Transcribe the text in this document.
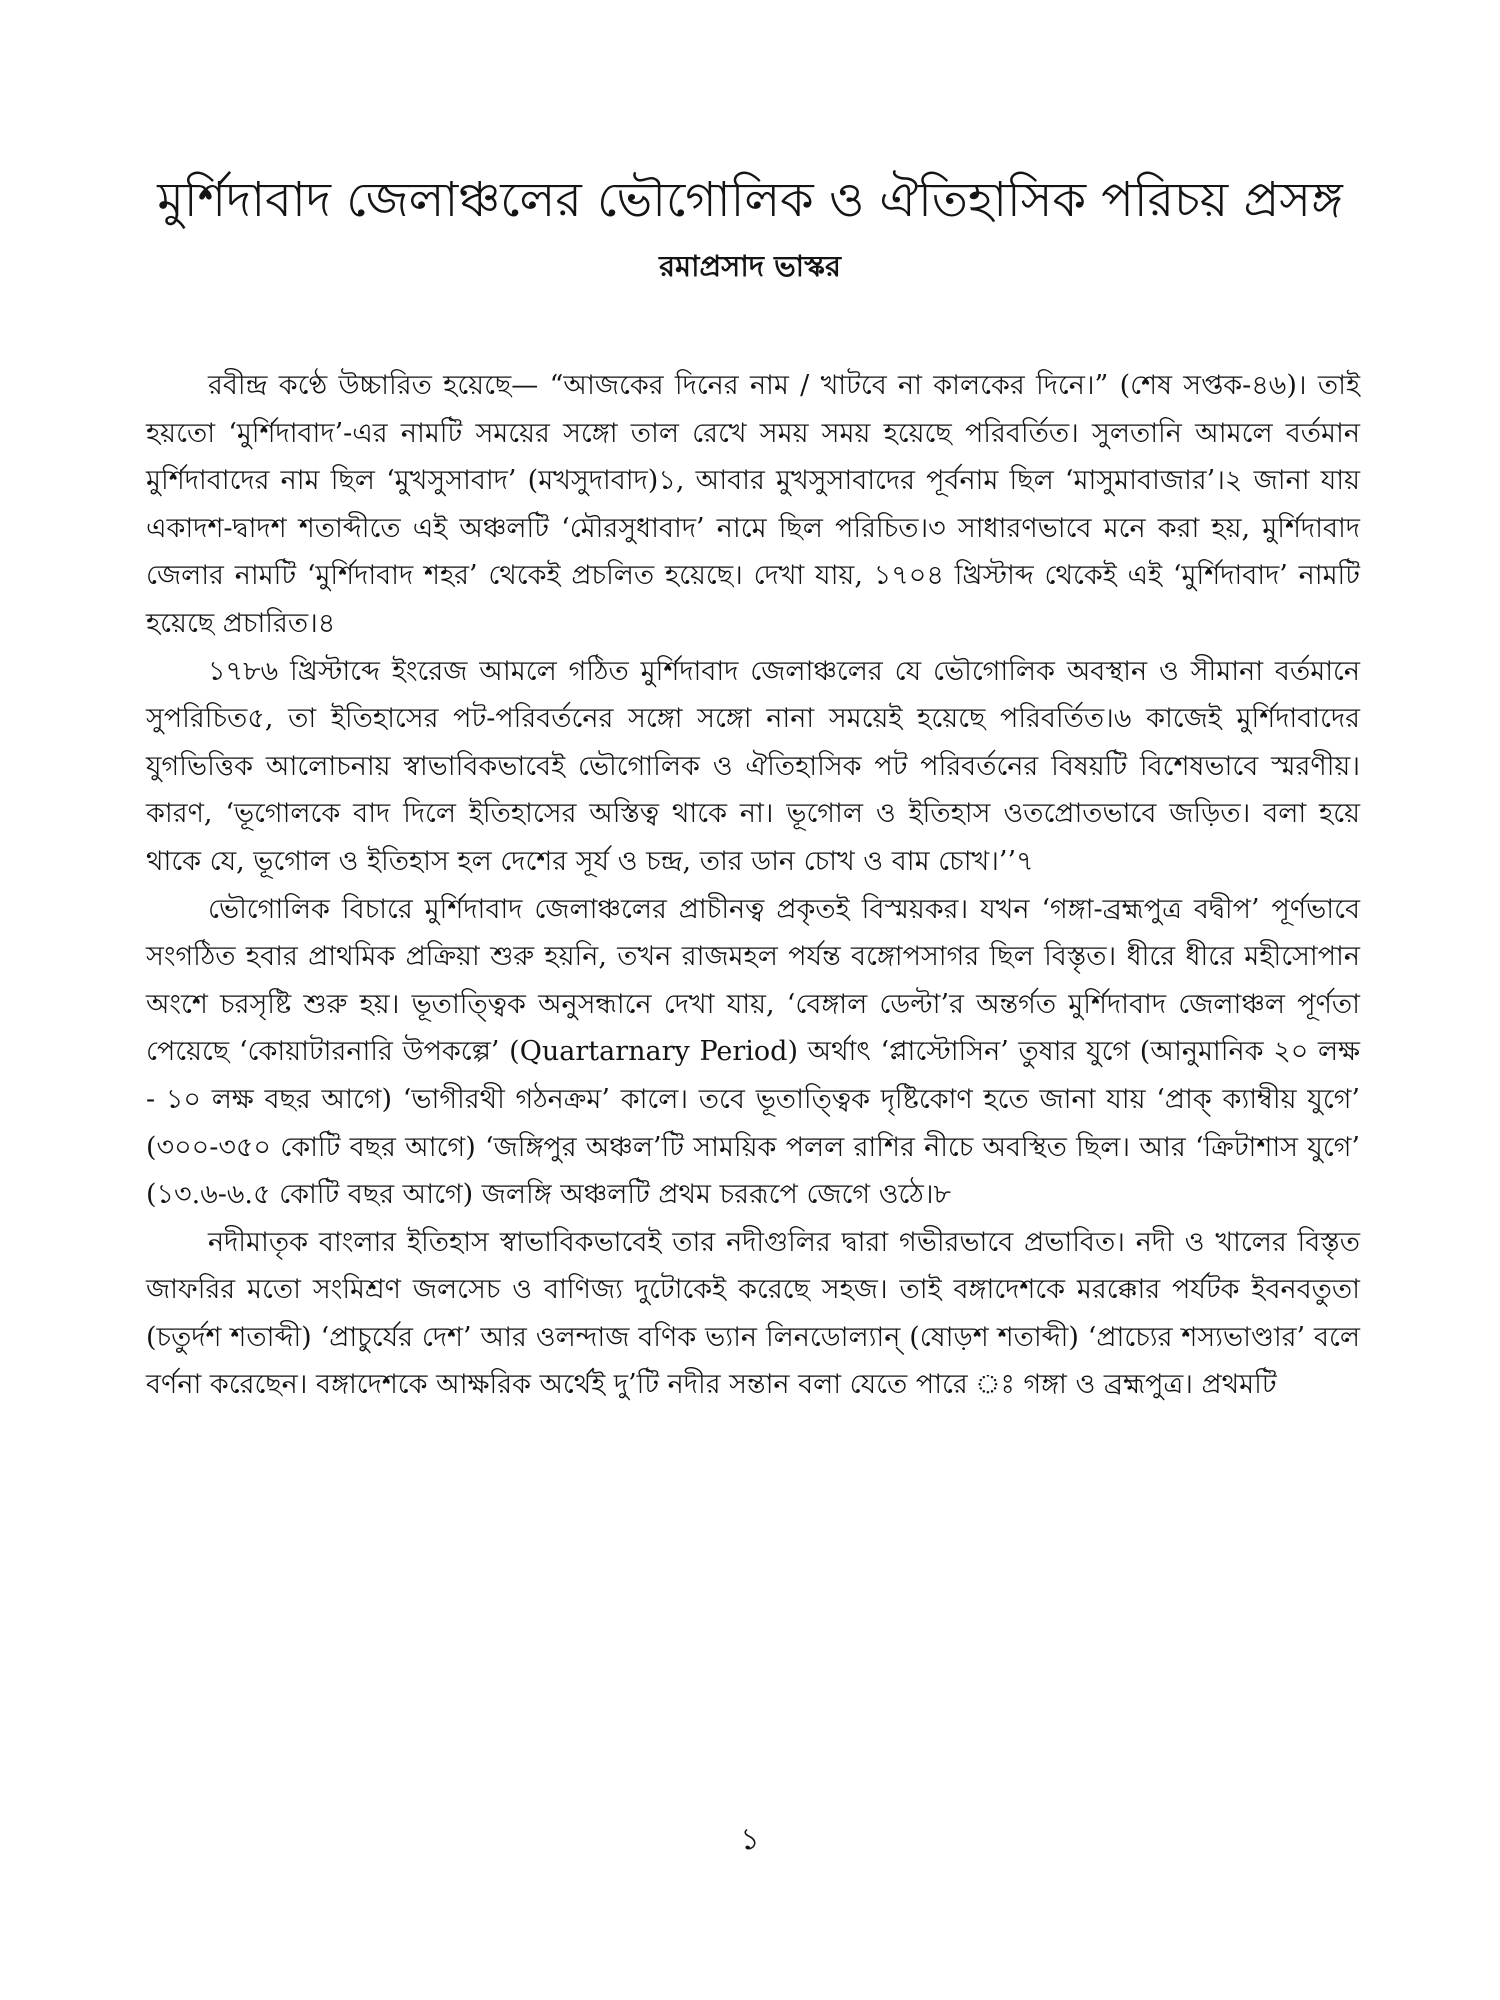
মুর্শিদাবাদ জেলাঞ্চলের ভৌগোলিক ও ঐতিহাসিক পরিচয় প্রসঙ্গ

রমাপ্রসাদ ভাস্কর

রবীন্দ্র কণ্ঠে উচ্চারিত হয়েছে— “আজকের দিনের নাম / খাটবে না কালকের দিনে।” (শেষ সপ্তক-৪৬)। তাই হয়তো ‘মুর্শিদাবাদ’-এর নামটি সময়ের সঙ্গো তাল রেখে সময় সময় হয়েছে পরিবর্তিত। সুলতানি আমলে বর্তমান মুর্শিদাবাদের নাম ছিল ‘মুখসুসাবাদ’ (মখসুদাবাদ)১, আবার মুখসুসাবাদের পূর্বনাম ছিল ‘মাসুমাবাজার’।২ জানা যায় একাদশ-দ্বাদশ শতাব্দীতে এই অঞ্চলটি ‘মৌরসুধাবাদ’ নামে ছিল পরিচিত।৩ সাধারণভাবে মনে করা হয়, মুর্শিদাবাদ জেলার নামটি ‘মুর্শিদাবাদ শহর’ থেকেই প্রচলিত হয়েছে। দেখা যায়, ১৭০৪ খ্রিস্টাব্দ থেকেই এই ‘মুর্শিদাবাদ’ নামটি হয়েছে প্রচারিত।৪

১৭৮৬ খ্রিস্টাব্দে ইংরেজ আমলে গঠিত মুর্শিদাবাদ জেলাঞ্চলের যে ভৌগোলিক অবস্থান ও সীমানা বর্তমানে সুপরিচিত৫, তা ইতিহাসের পট-পরিবর্তনের সঙ্গো সঙ্গো নানা সময়েই হয়েছে পরিবর্তিত।৬ কাজেই মুর্শিদাবাদের যুগভিত্তিক আলোচনায় স্বাভাবিকভাবেই ভৌগোলিক ও ঐতিহাসিক পট পরিবর্তনের বিষয়টি বিশেষভাবে স্মরণীয়। কারণ, ‘ভূগোলকে বাদ দিলে ইতিহাসের অস্তিত্ব থাকে না। ভূগোল ও ইতিহাস ওতপ্রোতভাবে জড়িত। বলা হয়ে থাকে যে, ভূগোল ও ইতিহাস হল দেশের সূর্য ও চন্দ্র, তার ডান চোখ ও বাম চোখ।’’৭

ভৌগোলিক বিচারে মুর্শিদাবাদ জেলাঞ্চলের প্রাচীনত্ব প্রকৃতই বিস্ময়কর। যখন ‘গঙ্গা-ব্রহ্মপুত্র বদ্বীপ’ পূর্ণভাবে সংগঠিত হবার প্রাথমিক প্রক্রিয়া শুরু হয়নি, তখন রাজমহল পর্যন্ত বঙ্গোপসাগর ছিল বিস্তৃত। ধীরে ধীরে মহীসোপান অংশে চরসৃষ্টি শুরু হয়। ভূতাত্ত্বিক অনুসন্ধানে দেখা যায়, ‘বেঙ্গাল ডেল্টা’র অন্তর্গত মুর্শিদাবাদ জেলাঞ্চল পূর্ণতা পেয়েছে ‘কোয়াটারনারি উপকল্পে’ (Quartarnary Period) অর্থাৎ ‘প্লাস্টোসিন’ তুষার যুগে (আনুমানিক ২০ লক্ষ - ১০ লক্ষ বছর আগে) ‘ভাগীরথী গঠনক্রম’ কালে। তবে ভূতাত্ত্বিক দৃষ্টিকোণ হতে জানা যায় ‘প্রাক্ ক্যাম্বীয় যুগে’ (৩০০-৩৫০ কোটি বছর আগে) ‘জঙ্গিপুর অঞ্চল’টি সাময়িক পলল রাশির নীচে অবস্থিত ছিল। আর ‘ক্রিটাশাস যুগে’ (১৩.৬-৬.৫ কোটি বছর আগে) জলঙ্গি অঞ্চলটি প্রথম চররূপে জেগে ওঠে।৮

নদীমাতৃক বাংলার ইতিহাস স্বাভাবিকভাবেই তার নদীগুলির দ্বারা গভীরভাবে প্রভাবিত। নদী ও খালের বিস্তৃত জাফরির মতো সংমিশ্রণ জলসেচ ও বাণিজ্য দুটোকেই করেছে সহজ। তাই বঙ্গাদেশকে মরক্কোর পর্যটক ইবনবতুতা (চতুর্দশ শতাব্দী) ‘প্রাচুর্যের দেশ’ আর ওলন্দাজ বণিক ভ্যান লিনডোল্যান্ (ষোড়শ শতাব্দী) ‘প্রাচ্যের শস্যভাণ্ডার’ বলে বর্ণনা করেছেন। বঙ্গাদেশকে আক্ষরিক অর্থেই দু’টি নদীর সন্তান বলা যেতে পারে ঃ গঙ্গা ও ব্রহ্মপুত্র। প্রথমটি

১
